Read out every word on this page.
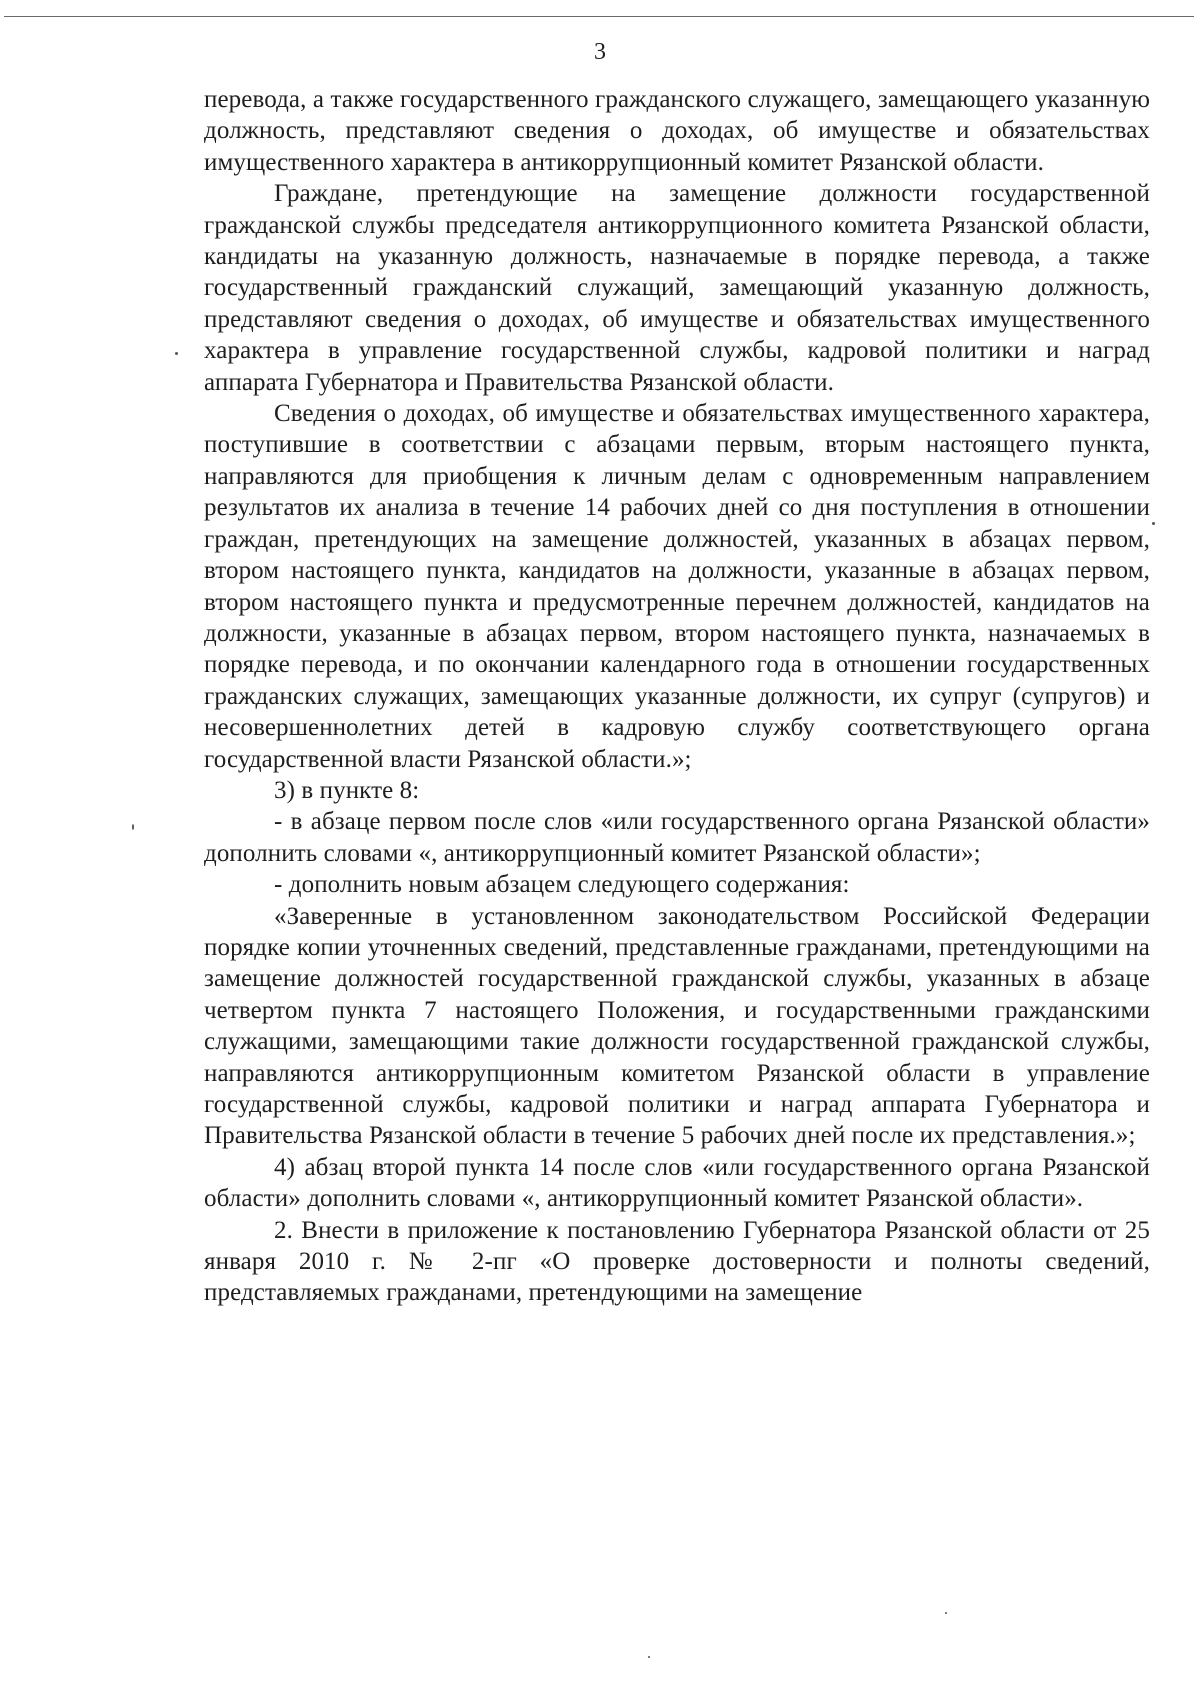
3

перевода, а также государственного гражданского служащего, замещающего указанную должность, представляют сведения о доходах, об имуществе и обязательствах имущественного характера в антикоррупционный комитет Рязанской области.

Граждане, претендующие на замещение должности государственной гражданской службы председателя антикоррупционного комитета Рязанской области, кандидаты на указанную должность, назначаемые в порядке перевода, а также государственный гражданский служащий, замещающий указанную должность, представляют сведения о доходах, об имуществе и обязательствах имущественного характера в управление государственной службы, кадровой политики и наград аппарата Губернатора и Правительства Рязанской области.

Сведения о доходах, об имуществе и обязательствах имущественного характера, поступившие в соответствии с абзацами первым, вторым настоящего пункта, направляются для приобщения к личным делам с одновременным направлением результатов их анализа в течение 14 рабочих дней со дня поступления в отношении граждан, претендующих на замещение должностей, указанных в абзацах первом, втором настоящего пункта, кандидатов на должности, указанные в абзацах первом, втором настоящего пункта и предусмотренные перечнем должностей, кандидатов на должности, указанные в абзацах первом, втором настоящего пункта, назначаемых в порядке перевода, и по окончании календарного года в отношении государственных гражданских служащих, замещающих указанные должности, их супруг (супругов) и несовершеннолетних детей в кадровую службу соответствующего органа государственной власти Рязанской области.»;

3) в пункте 8:

- в абзаце первом после слов «или государственного органа Рязанской области» дополнить словами «, антикоррупционный комитет Рязанской области»;

- дополнить новым абзацем следующего содержания:

«Заверенные в установленном законодательством Российской Федерации порядке копии уточненных сведений, представленные гражданами, претендующими на замещение должностей государственной гражданской службы, указанных в абзаце четвертом пункта 7 настоящего Положения, и государственными гражданскими служащими, замещающими такие должности государственной гражданской службы, направляются антикоррупционным комитетом Рязанской области в управление государственной службы, кадровой политики и наград аппарата Губернатора и Правительства Рязанской области в течение 5 рабочих дней после их представления.»;

4) абзац второй пункта 14 после слов «или государственного органа Рязанской области» дополнить словами «, антикоррупционный комитет Рязанской области».

2. Внести в приложение к постановлению Губернатора Рязанской области от 25 января 2010 г. № 2-пг «О проверке достоверности и полноты сведений, представляемых гражданами, претендующими на замещение
